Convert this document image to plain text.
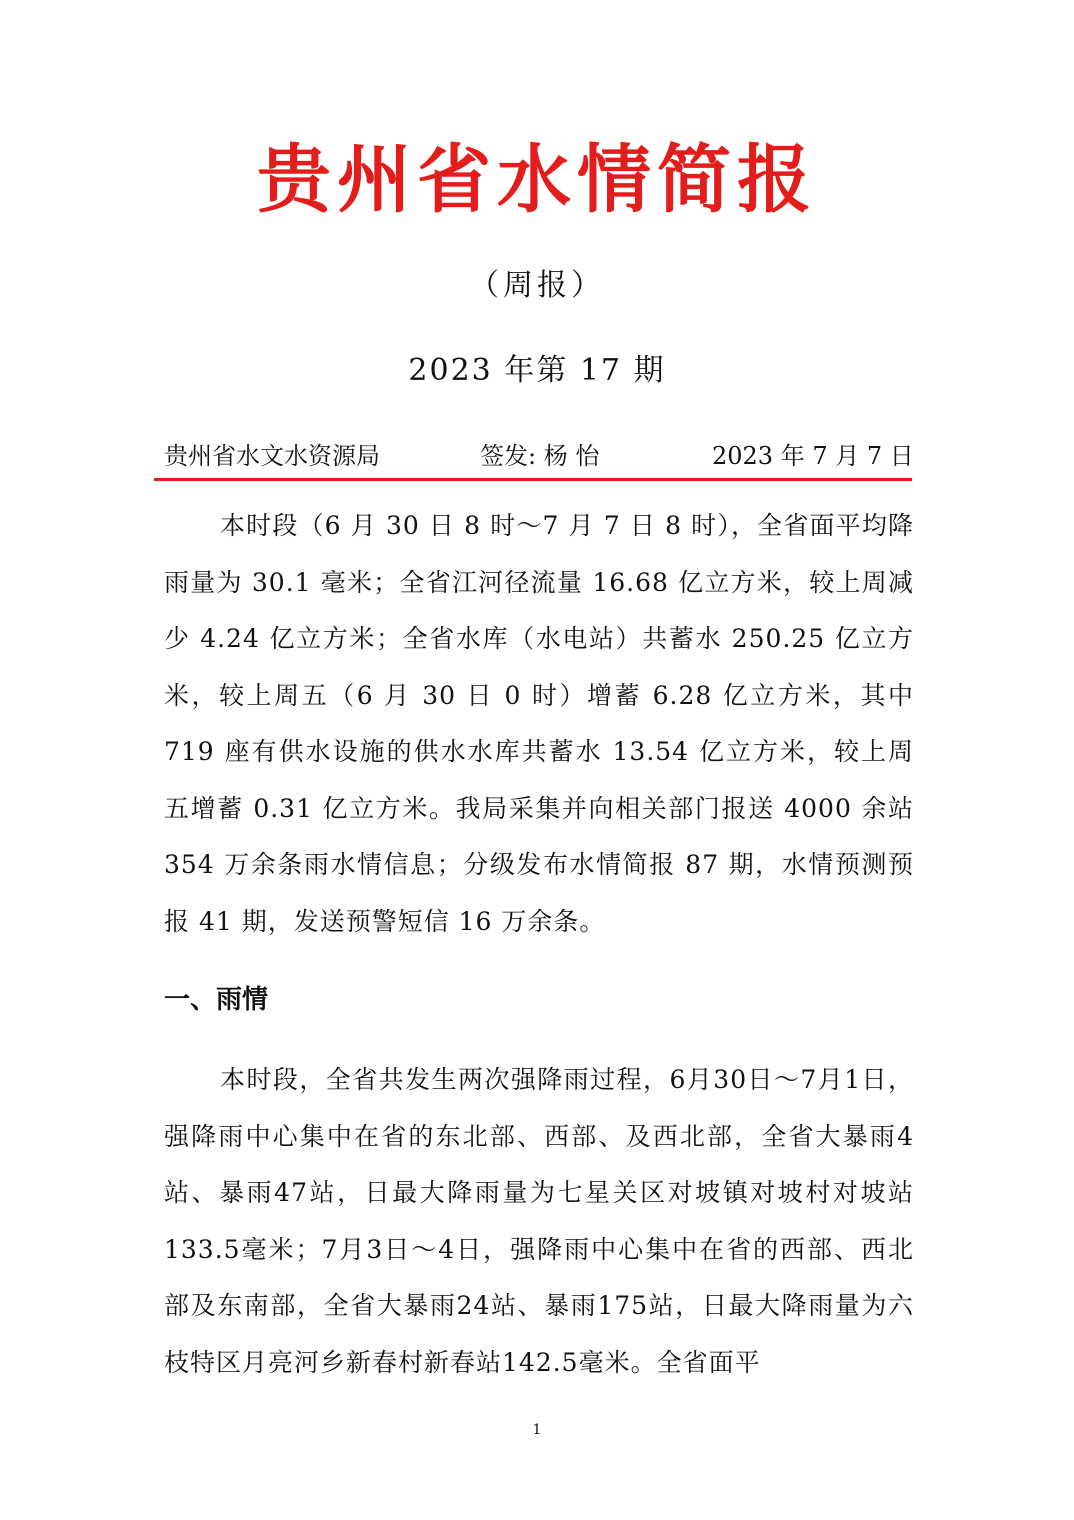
贵州省水情简报
（周报）
2023 年第 17 期
贵州省水文水资源局	签发: 杨 怡	2023 年 7 月 7 日

本时段（6 月 30 日 8 时～7 月 7 日 8 时），全省面平均降雨量为 30.1 毫米；全省江河径流量 16.68 亿立方米，较上周减少 4.24 亿立方米；全省水库（水电站）共蓄水 250.25 亿立方米，较上周五（6 月 30 日 0 时）增蓄 6.28 亿立方米，其中 719 座有供水设施的供水水库共蓄水 13.54 亿立方米，较上周五增蓄 0.31 亿立方米。我局采集并向相关部门报送 4000 余站 354 万余条雨水情信息；分级发布水情简报 87 期，水情预测预报 41 期，发送预警短信 16 万余条。

一、雨情

本时段，全省共发生两次强降雨过程，6月30日～7月1日，强降雨中心集中在省的东北部、西部、及西北部，全省大暴雨4站、暴雨47站，日最大降雨量为七星关区对坡镇对坡村对坡站133.5毫米；7月3日～4日，强降雨中心集中在省的西部、西北部及东南部，全省大暴雨24站、暴雨175站，日最大降雨量为六枝特区月亮河乡新春村新春站142.5毫米。全省面平

1
